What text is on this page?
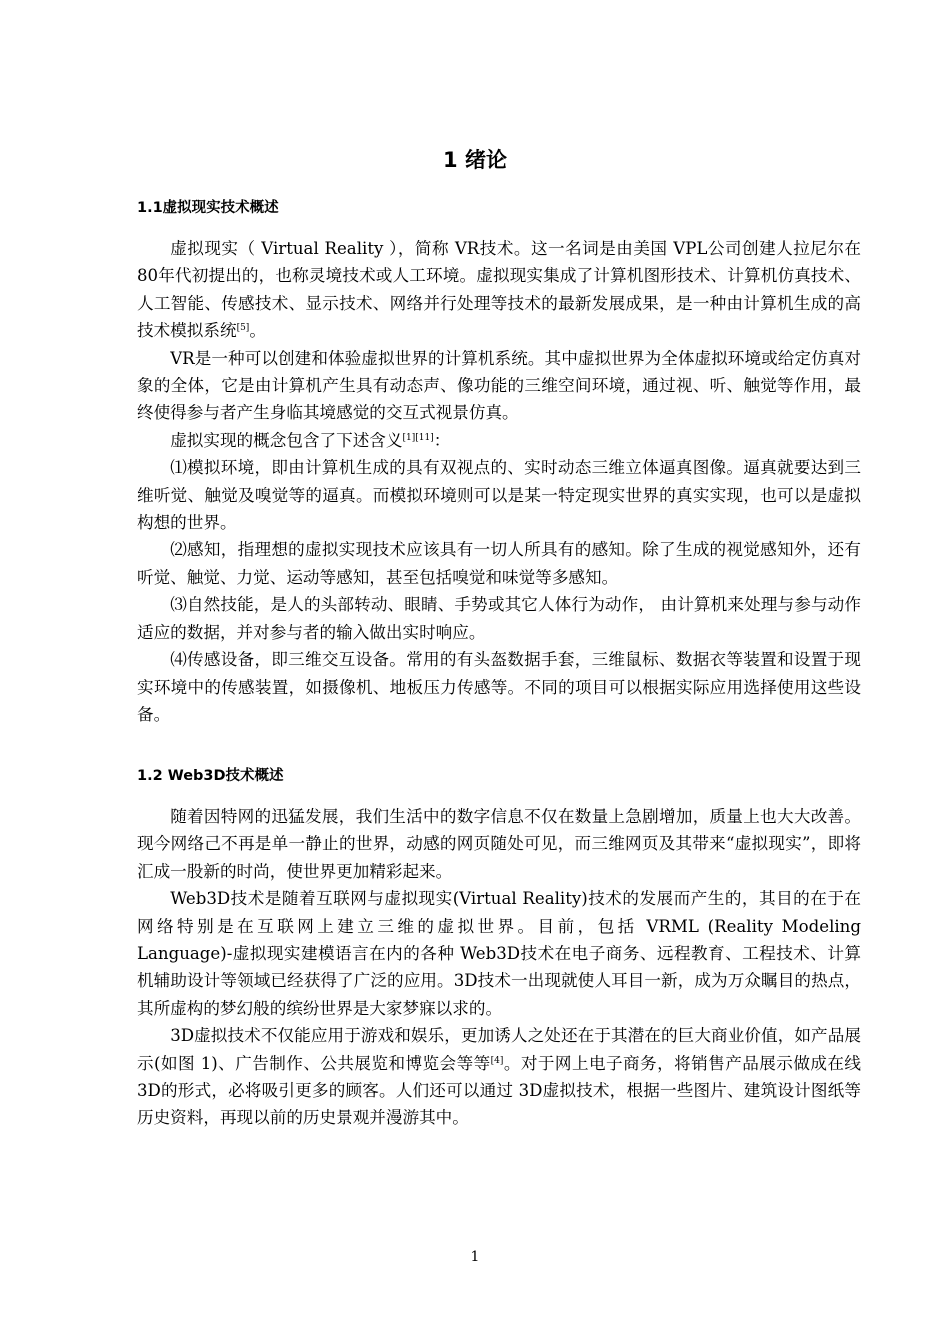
1 绪论
1.1虚拟现实技术概述

虚拟现实（ Virtual Reality ），简称 VR技术。这一名词是由美国 VPL公司创建人拉尼尔在 80年代初提出的，也称灵境技术或人工环境。虚拟现实集成了计算机图形技术、计算机仿真技术、人工智能、传感技术、显示技术、网络并行处理等技术的最新发展成果，是一种由计算机生成的高技术模拟系统[5]。

VR是一种可以创建和体验虚拟世界的计算机系统。其中虚拟世界为全体虚拟环境或给定仿真对象的全体，它是由计算机产生具有动态声、像功能的三维空间环境，通过视、听、触觉等作用，最终使得参与者产生身临其境感觉的交互式视景仿真。

虚拟实现的概念包含了下述含义[1][11]：

⑴模拟环境，即由计算机生成的具有双视点的、实时动态三维立体逼真图像。逼真就要达到三维听觉、触觉及嗅觉等的逼真。而模拟环境则可以是某一特定现实世界的真实实现，也可以是虚拟构想的世界。

⑵感知，指理想的虚拟实现技术应该具有一切人所具有的感知。除了生成的视觉感知外，还有听觉、触觉、力觉、运动等感知，甚至包括嗅觉和味觉等多感知。

⑶自然技能，是人的头部转动、眼睛、手势或其它人体行为动作， 由计算机来处理与参与动作适应的数据，并对参与者的输入做出实时响应。

⑷传感设备，即三维交互设备。常用的有头盔数据手套，三维鼠标、数据衣等装置和设置于现实环境中的传感装置，如摄像机、地板压力传感等。不同的项目可以根据实际应用选择使用这些设备。

1.2 Web3D技术概述

随着因特网的迅猛发展，我们生活中的数字信息不仅在数量上急剧增加，质量上也大大改善。现今网络己不再是单一静止的世界，动感的网页随处可见，而三维网页及其带来“虚拟现实”，即将汇成一股新的时尚，使世界更加精彩起来。

Web3D技术是随着互联网与虚拟现实(Virtual Reality)技术的发展而产生的，其目的在于在网络特别是在互联网上建立三维的虚拟世界。目前，包括 VRML (Reality Modeling Language)-虚拟现实建模语言在内的各种 Web3D技术在电子商务、远程教育、工程技术、计算机辅助设计等领域已经获得了广泛的应用。3D技术一出现就使人耳目一新，成为万众瞩目的热点，其所虚构的梦幻般的缤纷世界是大家梦寐以求的。

3D虚拟技术不仅能应用于游戏和娱乐，更加诱人之处还在于其潜在的巨大商业价值，如产品展示(如图 1)、广告制作、公共展览和博览会等等[4]。对于网上电子商务，将销售产品展示做成在线 3D的形式，必将吸引更多的顾客。人们还可以通过 3D虚拟技术，根据一些图片、建筑设计图纸等历史资料，再现以前的历史景观并漫游其中。

1
